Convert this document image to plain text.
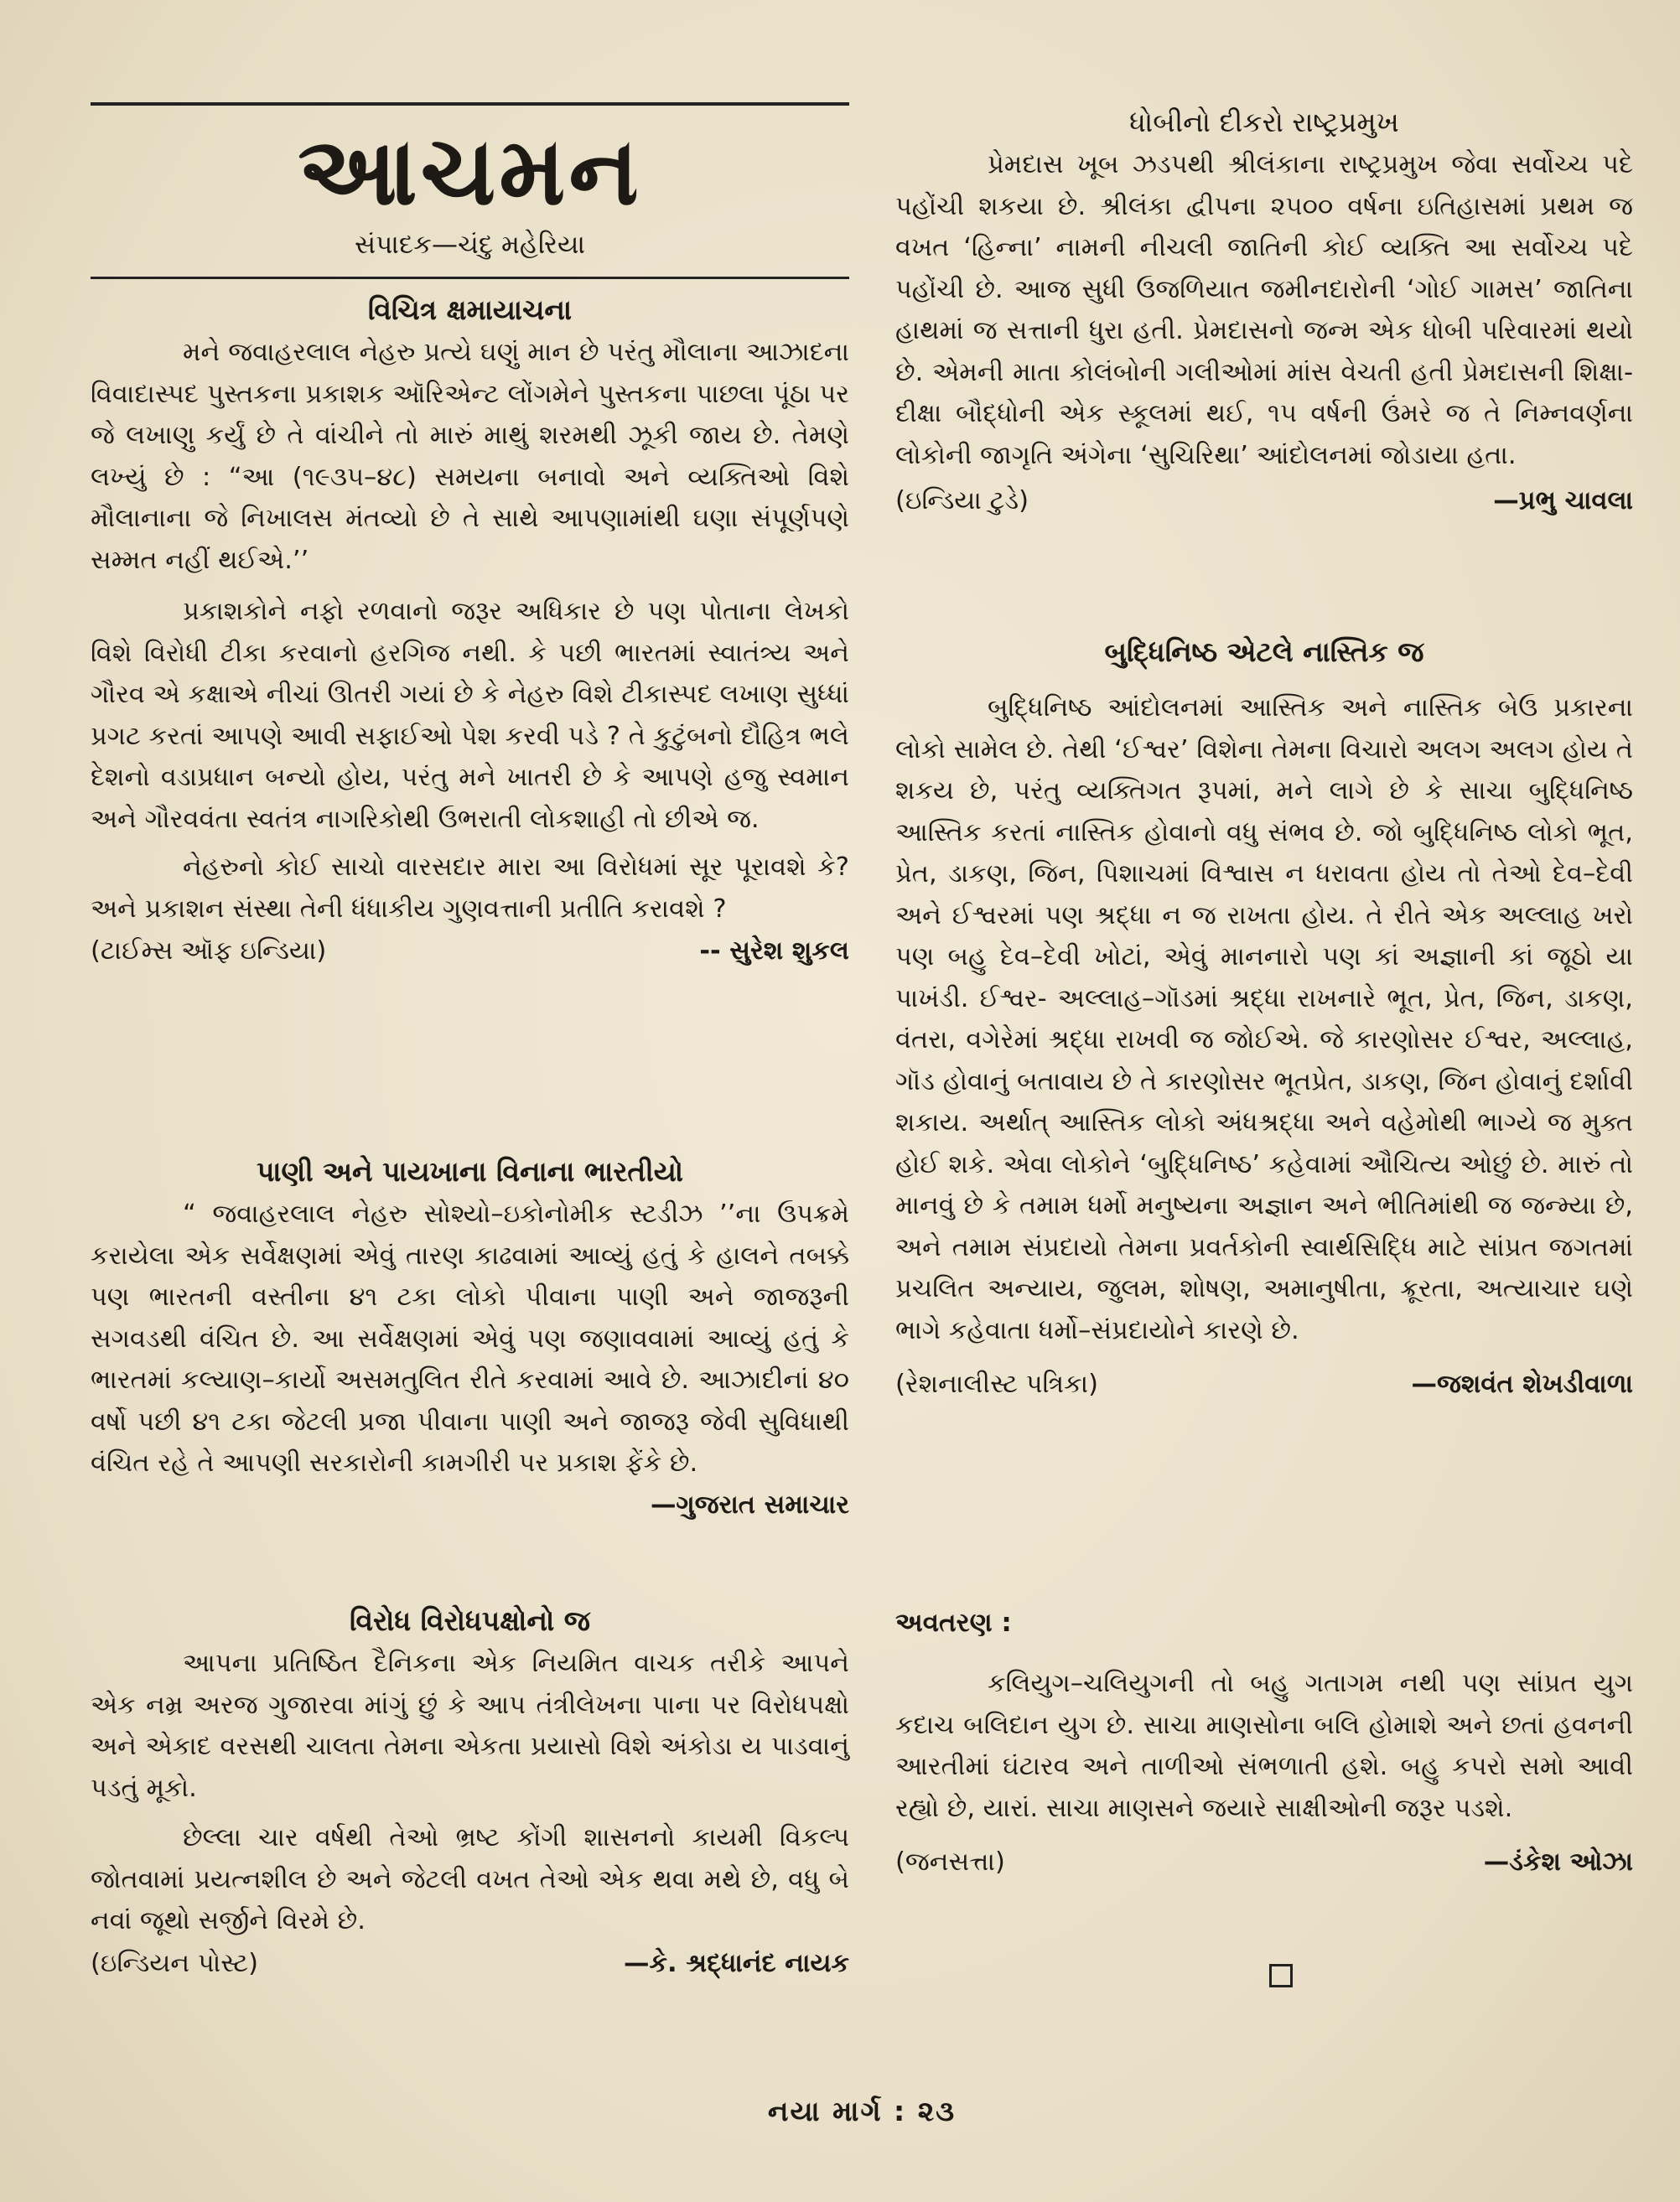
આચમન
સંપાદક—ચંદુ મહેરિયા

વિચિત્ર ક્ષમાયાચના

મને જવાહરલાલ નેહરુ પ્રત્યે ઘણું માન છે પરંતુ મૌલાના આઝાદના વિવાદાસ્પદ પુસ્તકના પ્રકાશક ઑરિએન્ટ લોંગમેને પુસ્તકના પાછલા પૂંઠા પર જે લખાણુ કર્યું છે તે વાંચીને તો મારું માથું શરમથી ઝૂકી જાય છે. તેમણે લખ્યું છે : “આ (૧૯૩૫–૪૮) સમયના બનાવો અને વ્યક્તિઓ વિશે મૌલાનાના જે નિખાલસ મંતવ્યો છે તે સાથે આપણામાંથી ઘણા સંપૂર્ણપણે સમ્મત નહીં થઈએ.’’

પ્રકાશકોને નફો રળવાનો જરૂર અધિકાર છે પણ પોતાના લેખકો વિશે વિરોધી ટીકા કરવાનો હરગિજ નથી. કે પછી ભારતમાં સ્વાતંત્ર્ય અને ગૌરવ એ કક્ષાએ નીચાં ઊતરી ગયાં છે કે નેહરુ વિશે ટીકાસ્પદ લખાણ સુધ્ધાં પ્રગટ કરતાં આપણે આવી સફાઈઓ પેશ કરવી પડે ? તે કુટુંબનો દૌહિત્ર ભલે દેશનો વડાપ્રધાન બન્યો હોય, પરંતુ મને ખાતરી છે કે આપણે હજુ સ્વમાન અને ગૌરવવંતા સ્વતંત્ર નાગરિકોથી ઉભરાતી લોકશાહી તો છીએ જ.

નેહરુનો કોઈ સાચો વારસદાર મારા આ વિરોધમાં સૂર પૂરાવશે કે? અને પ્રકાશન સંસ્થા તેની ધંધાકીય ગુણવત્તાની પ્રતીતિ કરાવશે ?

(ટાઈમ્સ ઑફ ઇન્ડિયા)	-- સુરેશ શુકલ

પાણી અને પાયખાના વિનાના ભારતીયો

“ જવાહરલાલ નેહરુ સોશ્યો–ઇકોનોમીક સ્ટડીઝ ’’ના ઉપક્રમે કરાયેલા એક સર્વેક્ષણમાં એવું તારણ કાઢવામાં આવ્યું હતું કે હાલને તબક્કે પણ ભારતની વસ્તીના ૪૧ ટકા લોકો પીવાના પાણી અને જાજરૂની સગવડથી વંચિત છે. આ સર્વેક્ષણમાં એવું પણ જણાવવામાં આવ્યું હતું કે ભારતમાં કલ્યાણ–કાર્યો અસમતુલિત રીતે કરવામાં આવે છે. આઝાદીનાં ૪૦ વર્ષો પછી ૪૧ ટકા જેટલી પ્રજા પીવાના પાણી અને જાજરૂ જેવી સુવિધાથી વંચિત રહે તે આપણી સરકારોની કામગીરી પર પ્રકાશ ફેંકે છે.

—ગુજરાત સમાચાર

વિરોધ વિરોધપક્ષોનો જ

આપના પ્રતિષ્ઠિત દૈનિકના એક નિયમિત વાચક તરીકે આપને એક નમ્ર અરજ ગુજારવા માંગું છું કે આપ તંત્રીલેખના પાના પર વિરોધપક્ષો અને એકાદ વરસથી ચાલતા તેમના એકતા પ્રયાસો વિશે અંકોડા ય પાડવાનું પડતું મૂકો.

છેલ્લા ચાર વર્ષથી તેઓ ભ્રષ્ટ કોંગી શાસનનો કાયમી વિકલ્પ જોતવામાં પ્રયત્નશીલ છે અને જેટલી વખત તેઓ એક થવા મથે છે, વધુ બે નવાં જૂથો સર્જીને વિરમે છે.

(ઇન્ડિયન પોસ્ટ)	—કે. શ્રદ્ધાનંદ નાયક

ધોબીનો દીકરો રાષ્ટ્રપ્રમુખ

પ્રેમદાસ ખૂબ ઝડપથી શ્રીલંકાના રાષ્ટ્રપ્રમુખ જેવા સર્વોચ્ચ પદે પહોંચી શકયા છે. શ્રીલંકા દ્વીપના ૨૫૦૦ વર્ષના ઇતિહાસમાં પ્રથમ જ વખત ‘હિન્ના’ નામની નીચલી જાતિની કોઈ વ્યક્તિ આ સર્વોચ્ચ પદે પહોંચી છે. આજ સુધી ઉજળિયાત જમીનદારોની ‘ગોઈ ગામસ’ જાતિના હાથમાં જ સત્તાની ધુરા હતી. પ્રેમદાસનો જન્મ એક ધોબી પરિવારમાં થયો છે. એમની માતા કોલંબોની ગલીઓમાં માંસ વેચતી હતી પ્રેમદાસની શિક્ષા-દીક્ષા બૌદ્ધોની એક સ્કૂલમાં થઈ, ૧૫ વર્ષની ઉંમરે જ તે નિમ્નવર્ણના લોકોની જાગૃતિ અંગેના ‘સુચિરિથા’ આંદોલનમાં જોડાયા હતા.

(ઇન્ડિયા ટુડે)	—પ્રભુ ચાવલા

બુદ્ધિનિષ્ઠ એટલે નાસ્તિક જ

બુદ્ધિનિષ્ઠ આંદોલનમાં આસ્તિક અને નાસ્તિક બેઉ પ્રકારના લોકો સામેલ છે. તેથી ‘ઈશ્વર’ વિશેના તેમના વિચારો અલગ અલગ હોય તે શકય છે, પરંતુ વ્યક્તિગત રૂપમાં, મને લાગે છે કે સાચા બુદ્ધિનિષ્ઠ આસ્તિક કરતાં નાસ્તિક હોવાનો વધુ સંભવ છે. જો બુદ્ધિનિષ્ઠ લોકો ભૂત, પ્રેત, ડાકણ, જિન, પિશાચમાં વિશ્વાસ ન ધરાવતા હોય તો તેઓ દેવ–દેવી અને ઈશ્વરમાં પણ શ્રદ્ધા ન જ રાખતા હોય. તે રીતે એક અલ્લાહ ખરો પણ બહુ દેવ–દેવી ખોટાં, એવું માનનારો પણ કાં અજ્ઞાની કાં જૂઠો યા પાખંડી. ઈશ્વર- અલ્લાહ–ગૉડમાં શ્રદ્ધા રાખનારે ભૂત, પ્રેત, જિન, ડાકણ, વંતરા, વગેરેમાં શ્રદ્ધા રાખવી જ જોઈએ. જે કારણોસર ઈશ્વર, અલ્લાહ, ગૉડ હોવાનું બતાવાય છે તે કારણોસર ભૂતપ્રેત, ડાકણ, જિન હોવાનું દર્શાવી શકાય. અર્થાત્ આસ્તિક લોકો અંધશ્રદ્ધા અને વહેમોથી ભાગ્યે જ મુક્ત હોઈ શકે. એવા લોકોને ‘બુદ્ધિનિષ્ઠ’ કહેવામાં ઔચિત્ય ઓછું છે. મારું તો માનવું છે કે તમામ ધર્મો મનુષ્યના અજ્ઞાન અને ભીતિમાંથી જ જન્મ્યા છે, અને તમામ સંપ્રદાયો તેમના પ્રવર્તકોની સ્વાર્થસિદ્ધિ માટે સાંપ્રત જગતમાં પ્રચલિત અન્યાય, જુલમ, શોષણ, અમાનુષીતા, ક્રૂરતા, અત્યાચાર ઘણે ભાગે કહેવાતા ધર્મો–સંપ્રદાયોને કારણે છે.

(રેશનાલીસ્ટ પત્રિકા)	—જશવંત શેખડીવાળા

અવતરણ :

કલિયુગ–ચલિયુગની તો બહુ ગતાગમ નથી પણ સાંપ્રત યુગ કદાચ બલિદાન યુગ છે. સાચા માણસોના બલિ હોમાશે અને છતાં હવનની આરતીમાં ઘંટારવ અને તાળીઓ સંભળાતી હશે. બહુ કપરો સમો આવી રહ્યો છે, યારાં. સાચા માણસને જયારે સાક્ષીઓની જરૂર પડશે.

(જનસત્તા)	—ડંકેશ ઓઝા
નયા માર્ગ : ૨૩
